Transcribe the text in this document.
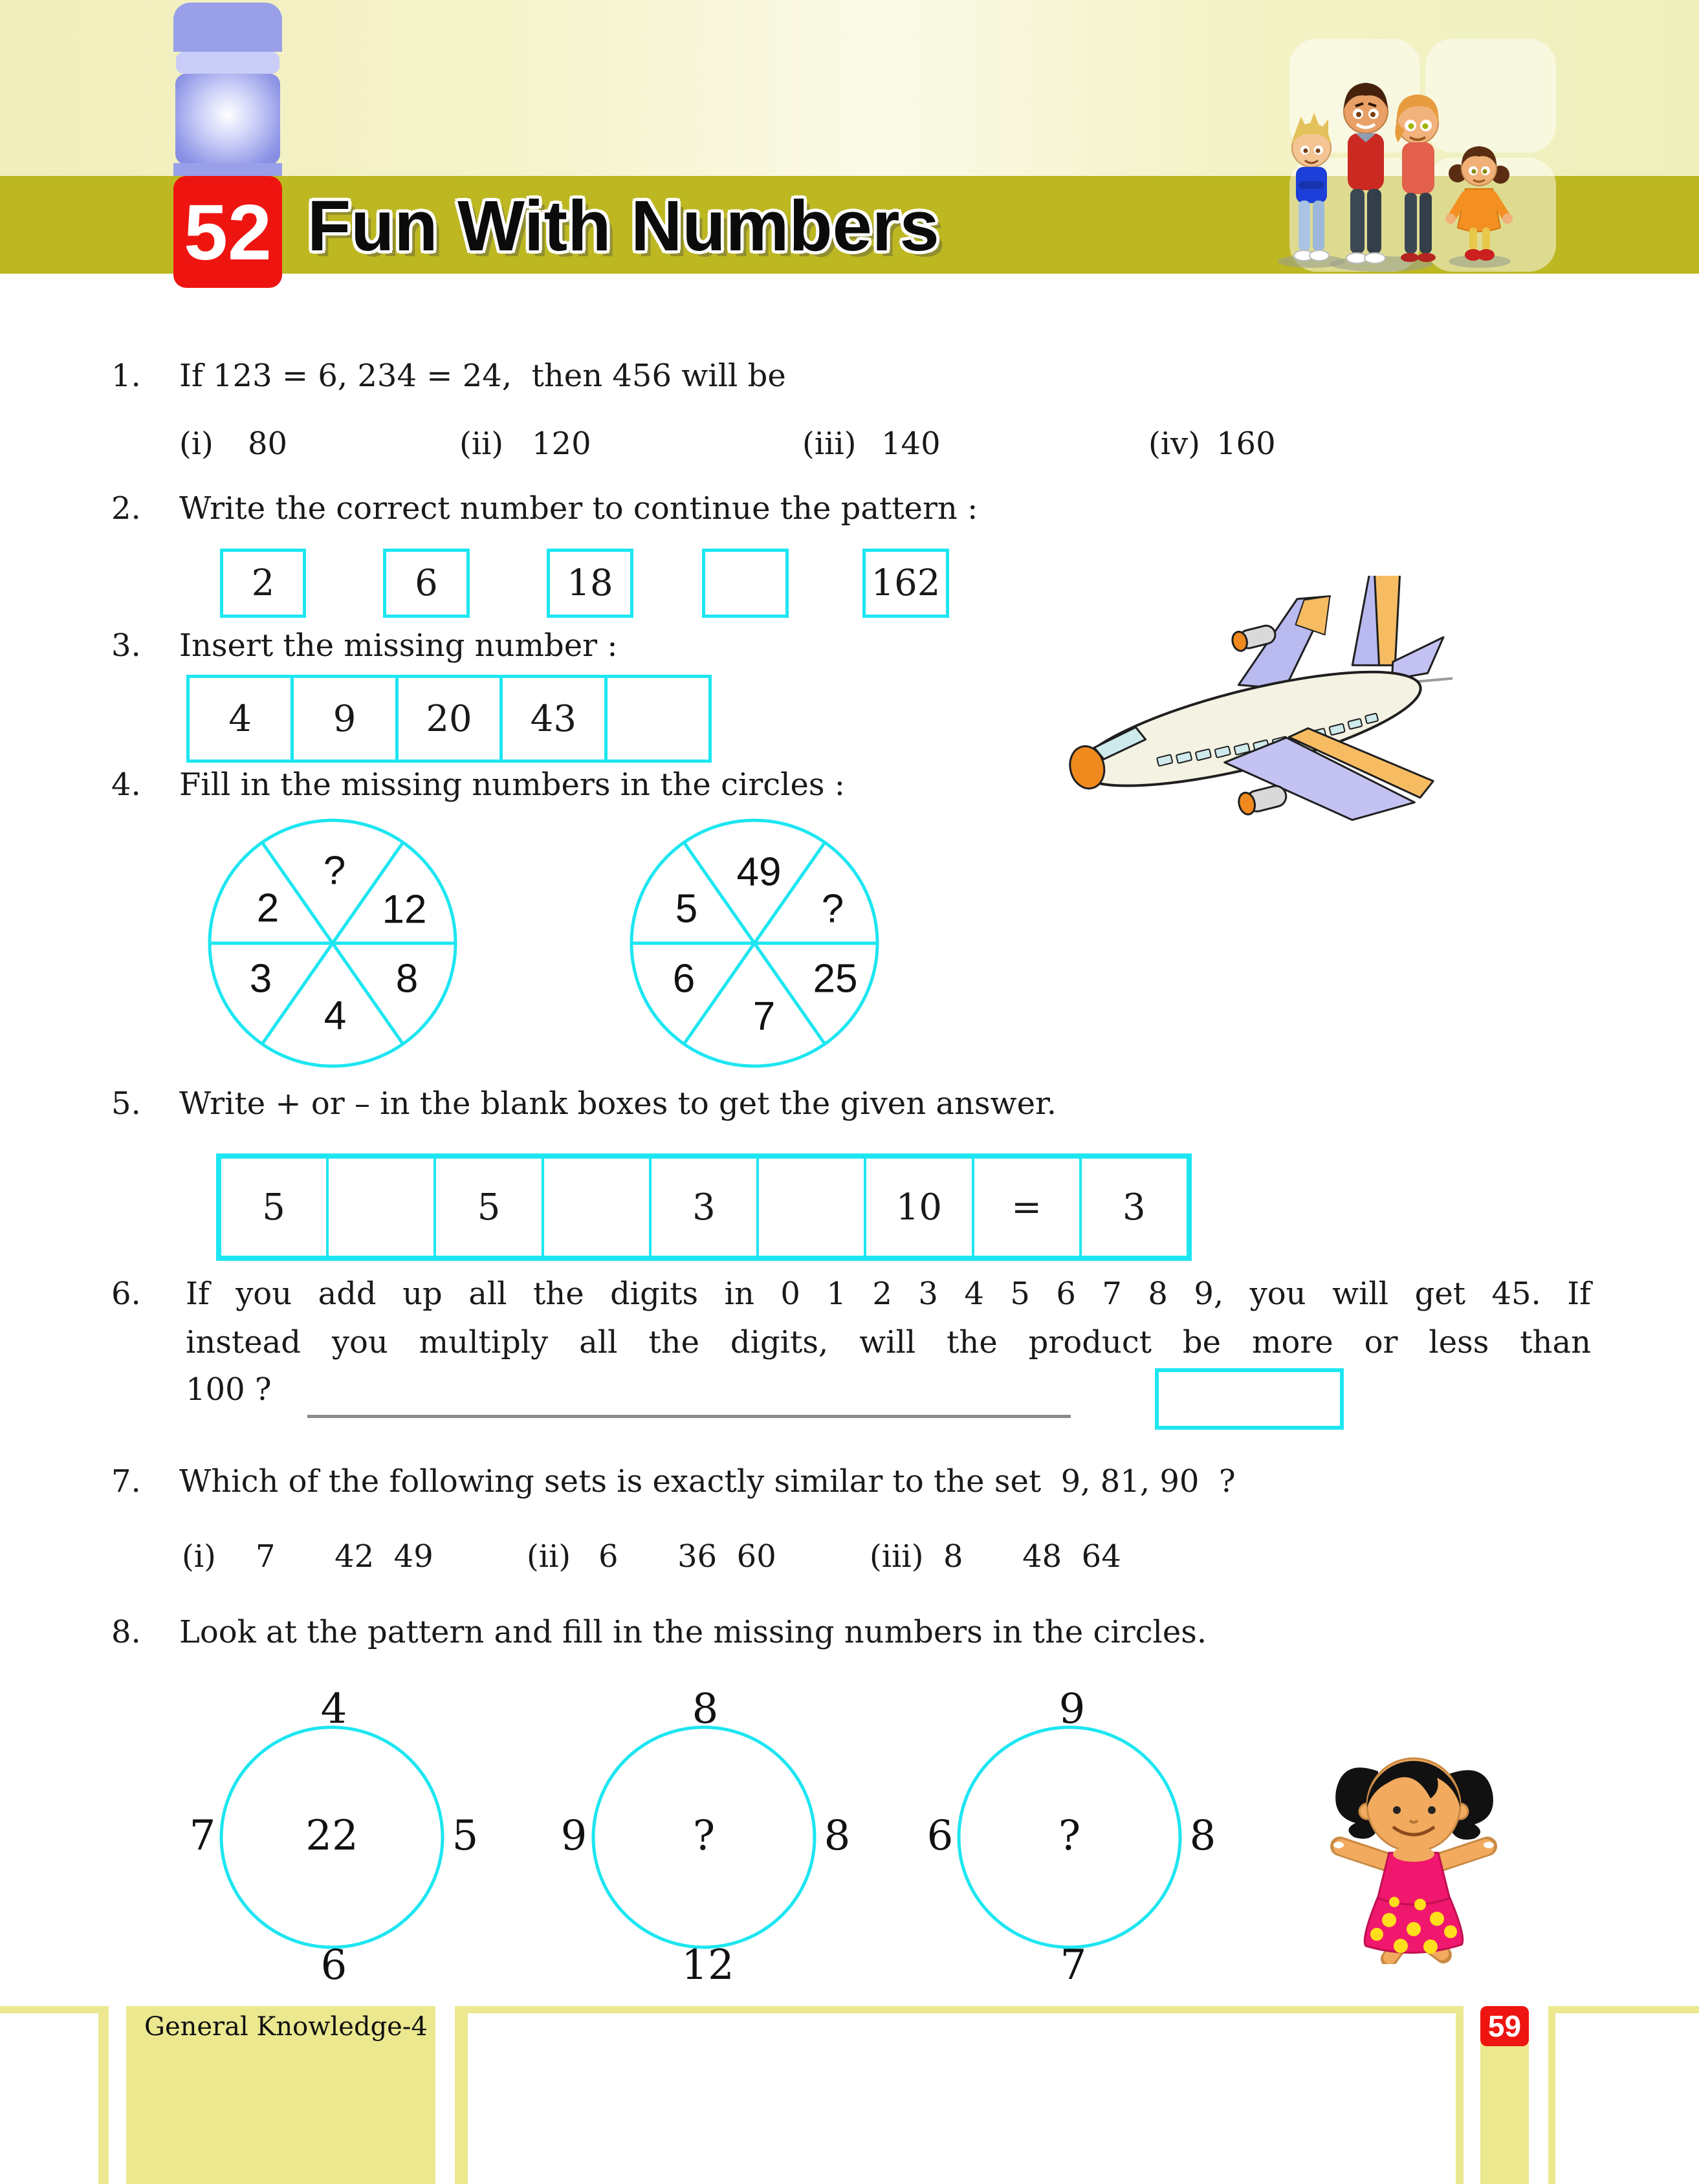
52 Fun With Numbers
1. If 123 = 6, 234 = 24,  then 456 will be
(i) 80	(ii) 120	(iii) 140	(iv) 160
2. Write the correct number to continue the pattern :
2	6	18	162
3. Insert the missing number :
4 9 20 43
4. Fill in the missing numbers in the circles :
?
2	12
3	8
4
49
5	?
6	25
7
5. Write + or – in the blank boxes to get the given answer.
5	5	3	10 = 3
6. If you add up all the digits in 0 1 2 3 4 5 6 7 8 9, you will get 45. If
instead you multiply all the digits, will the product be more or less than
100 ?
7. Which of the following sets is exactly similar to the set  9, 81, 90  ?
(i) 7      42  49	(ii) 6      36  60	(iii) 8      48  64
8. Look at the pattern and fill in the missing numbers in the circles.
4
7 22 5
6
8
9	?	8
12
9
6	?	8
7
General Knowledge-4	59
